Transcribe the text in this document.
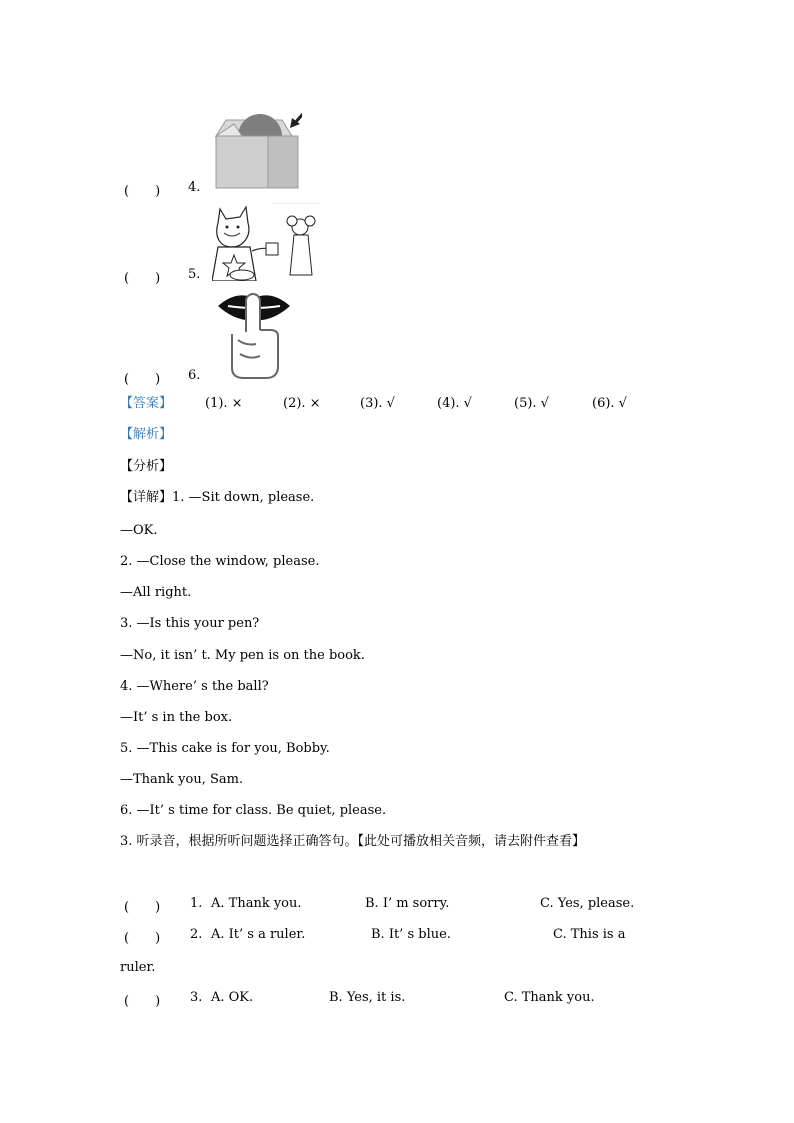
(　　) 4.
(　　) 5.
(　　) 6.
【答案】	(1). ×	(2). ×	(3). √	(4). √	(5). √	(6). √
【解析】
【分析】
【详解】1. —Sit down, please.
—OK.
2. —Close the window, please.
—All right.
3. —Is this your pen?
—No, it isn’ t. My pen is on the book.
4. —Where’ s the ball?
—It’ s in the box.
5. —This cake is for you, Bobby.
—Thank you, Sam.
6. —It’ s time for class. Be quiet, please.
3. 听录音，根据所听问题选择正确答句。【此处可播放相关音频，请去附件查看】
(　　) 1. A. Thank you.	B. I’ m sorry.	C. Yes, please.
(　　) 2. A. It’ s a ruler.	B. It’ s blue.	C. This is a
ruler.
(　　) 3. A. OK.	B. Yes, it is.	C. Thank you.
